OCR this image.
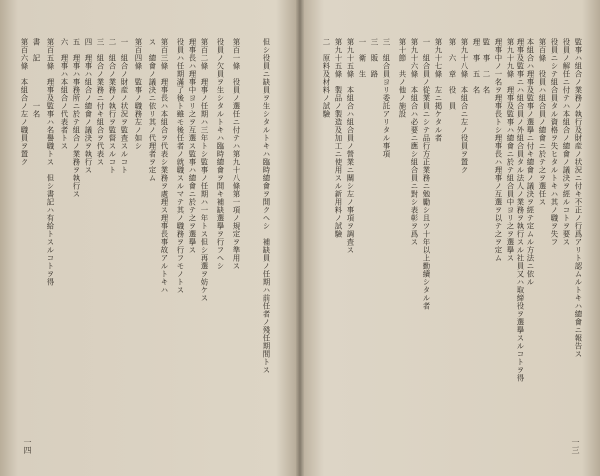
第百六條　本組合ノ左ノ職員ヲ置ク 書　記　　　　　一名 第百五條　理事及監事ハ名譽職トス　但シ書記ハ有給トスルコトヲ得 六　理事ハ本組合ノ代表者トス 五　理事ハ事務所ニ於テ組合ノ業務ヲ執行ス 四　理事ハ組合ノ總會ノ議決ヲ執行ス 三　組合ノ業務ニ付キ組合ヲ代表ス 二　組合ノ業務ノ執行ヲ監督スルコト 一　組合ノ財産ノ状況ヲ監査スルコト 第百四條　監事ノ職務左ノ如シ ス　總會ノ議決ニ依リ其ノ代理者ヲ定ム 第百三條　理事長ハ本組合ヲ代表シ業務ヲ處理ス理事長事故アルトキハ 役員ハ任期滿了後ト雖モ後任者ノ就職スルマテ其ノ職務ヲ行フモノトス 理事長ハ理事中ヨリ之ヲ互選ス監事ハ總會ニ於テ之ヲ選擧ス 第百二條　理事ノ任期ハ三年トシ監事ノ任期ハ一年トス但シ再選ヲ妨ケス 役員ノ欠員ヲ生シタルトキハ臨時總會ヲ開キ補缺選擧ヲ行フヘシ 第百一條　役員ノ選任ニ付テハ第九十八條第一項ノ規定ヲ準用ス	但シ役員ニ缺員ヲ生シタルトキハ臨時總會ヲ開クヘシ　補缺員ノ任期ハ前任者ノ殘任期間トス
一四
二　原料及材料ノ試驗 第九十五條　製品ノ製造及加工ニ使用スル新用料ノ試驗 第九十五條　本組合ハ組合員ノ營業ニ關シ左ノ事項ヲ調査ス 一　衛　生 三　販　路 三　組合員ヨリ委託アリタル事項 第十節　共ノ他ノ施設 第九十六條　本組合ハ必要ニ應シ組合員ニ對シ表彰ヲ爲ス 一　組合員ノ從業員ニシテ品行方正業務ニ勉勵シ且ツ十年以上勤續シタル者 第九十七條　左ニ掲ケタル者 第　六　章　役　員 第九十八條　本組合ニ左ノ役員ヲ置ク 理　事　五　名 監　事　二　名 理事中ノ一名ヲ理事長トシ理事長ハ理事ノ互選ヲ以テ之ヲ定ム 第九十九條　理事及監事ハ總會ニ於テ組合員中ヨリ之ヲ選擧ス 理事及監事ニハ組合員ノ外組合員タル法人ノ業務ヲ執行スル社員又ハ取締役ヲ選擧スルコトヲ得 本組合ハ理事及監事ノ選擧ニ付キ總會ノ議決ヲ經テ定ムル方法ニ依ル 第百條　役員ハ組合員ノ總會ニ於テ之ヲ選任ス 役員ニシテ組合員タル資格ヲ失ヒタルトキハ其ノ職ヲ失フ 役員ノ解任ニ付テハ本組合ノ總會ノ議決ヲ經ルコトヲ要ス 監事ハ組合ノ業務ノ執行及財産ノ状況ニ付キ不正ノ行爲アリト認ムルトキハ總會ニ報告ス
一三
